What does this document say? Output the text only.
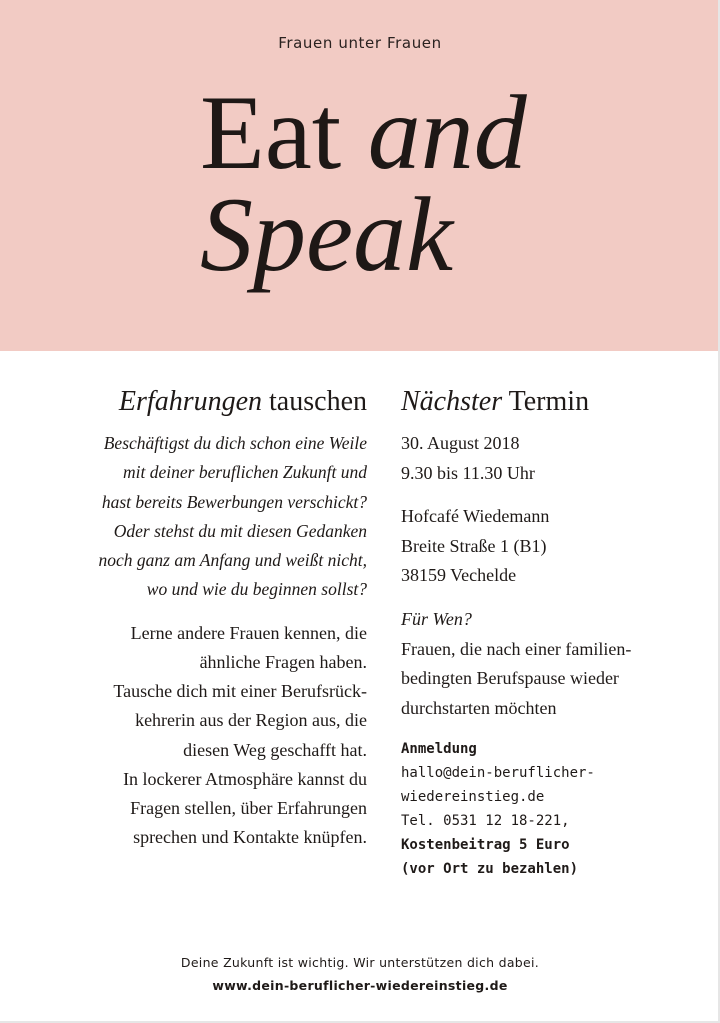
Frauen unter Frauen
Eat and
Speak
Erfahrungen tauschen

Beschäftigst du dich schon eine Weile
mit deiner beruflichen Zukunft und
hast bereits Bewerbungen verschickt?
Oder stehst du mit diesen Gedanken
noch ganz am Anfang und weißt nicht,
wo und wie du beginnen sollst?

Lerne andere Frauen kennen, die
ähnliche Fragen haben.
Tausche dich mit einer Berufsrück-
kehrerin aus der Region aus, die
diesen Weg geschafft hat.
In lockerer Atmosphäre kannst du
Fragen stellen, über Erfahrungen
sprechen und Kontakte knüpfen.

Nächster Termin
30. August 2018
9.30 bis 11.30 Uhr
Hofcafé Wiedemann
Breite Straße 1 (B1)
38159 Vechelde
Für Wen?
Frauen, die nach einer familien-
bedingten Berufspause wieder
durchstarten möchten
Anmeldung
hallo@dein-beruflicher-
wiedereinstieg.de
Tel. 0531 12 18-221,
Kostenbeitrag 5 Euro
(vor Ort zu bezahlen)
Deine Zukunft ist wichtig. Wir unterstützen dich dabei.
www.dein-beruflicher-wiedereinstieg.de
